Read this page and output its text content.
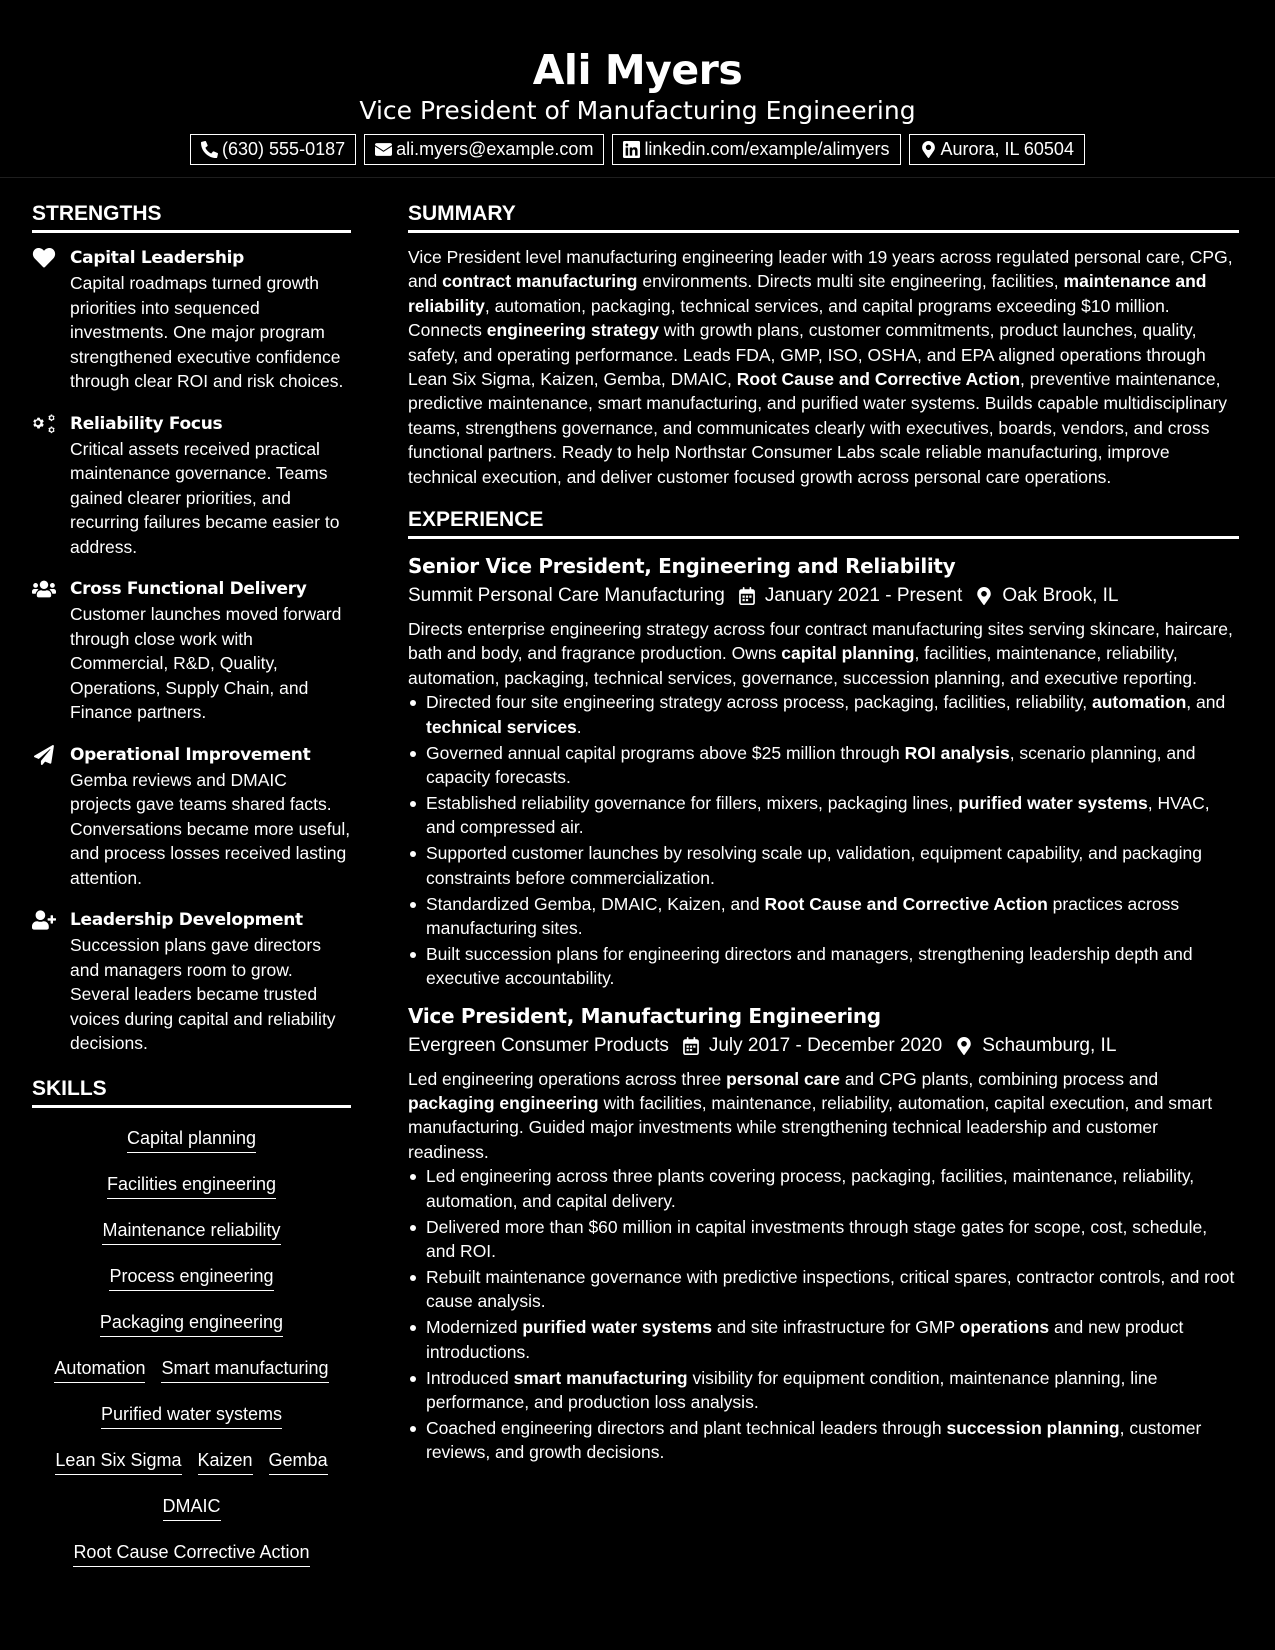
Ali Myers
Vice President of Manufacturing Engineering
(630) 555-0187	ali.myers@example.com	linkedin.com/example/alimyers	Aurora, IL 60504
STRENGTHS
Capital Leadership
Capital roadmaps turned growth priorities into sequenced investments. One major program strengthened executive confidence through clear ROI and risk choices.
Reliability Focus
Critical assets received practical maintenance governance. Teams gained clearer priorities, and recurring failures became easier to address.
Cross Functional Delivery
Customer launches moved forward through close work with Commercial, R&D, Quality, Operations, Supply Chain, and Finance partners.
Operational Improvement
Gemba reviews and DMAIC projects gave teams shared facts. Conversations became more useful, and process losses received lasting attention.
Leadership Development
Succession plans gave directors and managers room to grow. Several leaders became trusted voices during capital and reliability decisions.
SKILLS
Capital planning
Facilities engineering
Maintenance reliability
Process engineering
Packaging engineering
Automation Smart manufacturing
Purified water systems
Lean Six Sigma Kaizen Gemba
DMAIC
Root Cause Corrective Action
SUMMARY
Vice President level manufacturing engineering leader with 19 years across regulated personal care, CPG, and contract manufacturing environments. Directs multi site engineering, facilities, maintenance and reliability, automation, packaging, technical services, and capital programs exceeding $10 million. Connects engineering strategy with growth plans, customer commitments, product launches, quality, safety, and operating performance. Leads FDA, GMP, ISO, OSHA, and EPA aligned operations through Lean Six Sigma, Kaizen, Gemba, DMAIC, Root Cause and Corrective Action, preventive maintenance, predictive maintenance, smart manufacturing, and purified water systems. Builds capable multidisciplinary teams, strengthens governance, and communicates clearly with executives, boards, vendors, and cross functional partners. Ready to help Northstar Consumer Labs scale reliable manufacturing, improve technical execution, and deliver customer focused growth across personal care operations.
EXPERIENCE
Senior Vice President, Engineering and Reliability
Summit Personal Care Manufacturing January 2021 - Present Oak Brook, IL
Directs enterprise engineering strategy across four contract manufacturing sites serving skincare, haircare, bath and body, and fragrance production. Owns capital planning, facilities, maintenance, reliability, automation, packaging, technical services, governance, succession planning, and executive reporting.
Directed four site engineering strategy across process, packaging, facilities, reliability, automation, and technical services.
Governed annual capital programs above $25 million through ROI analysis, scenario planning, and capacity forecasts.
Established reliability governance for fillers, mixers, packaging lines, purified water systems, HVAC, and compressed air.
Supported customer launches by resolving scale up, validation, equipment capability, and packaging constraints before commercialization.
Standardized Gemba, DMAIC, Kaizen, and Root Cause and Corrective Action practices across manufacturing sites.
Built succession plans for engineering directors and managers, strengthening leadership depth and executive accountability.
Vice President, Manufacturing Engineering
Evergreen Consumer Products July 2017 - December 2020 Schaumburg, IL
Led engineering operations across three personal care and CPG plants, combining process and packaging engineering with facilities, maintenance, reliability, automation, capital execution, and smart manufacturing. Guided major investments while strengthening technical leadership and customer readiness.
Led engineering across three plants covering process, packaging, facilities, maintenance, reliability, automation, and capital delivery.
Delivered more than $60 million in capital investments through stage gates for scope, cost, schedule, and ROI.
Rebuilt maintenance governance with predictive inspections, critical spares, contractor controls, and root cause analysis.
Modernized purified water systems and site infrastructure for GMP operations and new product introductions.
Introduced smart manufacturing visibility for equipment condition, maintenance planning, line performance, and production loss analysis.
Coached engineering directors and plant technical leaders through succession planning, customer reviews, and growth decisions.
